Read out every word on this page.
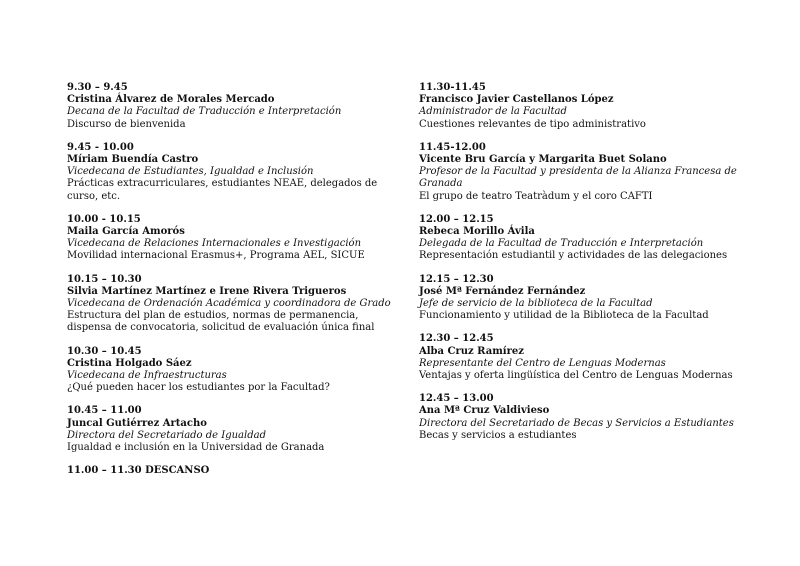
9.30 – 9.45
Cristina Álvarez de Morales Mercado
Decana de la Facultad de Traducción e Interpretación
Discurso de bienvenida
9.45 - 10.00
Míriam Buendía Castro
Vicedecana de Estudiantes, Igualdad e Inclusión
Prácticas extracurriculares, estudiantes NEAE, delegados de curso, etc.
10.00 - 10.15
Maila García Amorós
Vicedecana de Relaciones Internacionales e Investigación
Movilidad internacional Erasmus+, Programa AEL, SICUE
10.15 – 10.30
Silvia Martínez Martínez e Irene Rivera Trigueros
Vicedecana de Ordenación Académica y coordinadora de Grado
Estructura del plan de estudios, normas de permanencia, dispensa de convocatoria, solicitud de evaluación única final
10.30 – 10.45
Cristina Holgado Sáez
Vicedecana de Infraestructuras
¿Qué pueden hacer los estudiantes por la Facultad?
10.45 – 11.00
Juncal Gutiérrez Artacho
Directora del Secretariado de Igualdad
Igualdad e inclusión en la Universidad de Granada
11.00 – 11.30 DESCANSO
11.30-11.45
Francisco Javier Castellanos López
Administrador de la Facultad
Cuestiones relevantes de tipo administrativo
11.45-12.00
Vicente Bru García y Margarita Buet Solano
Profesor de la Facultad y presidenta de la Alianza Francesa de Granada
El grupo de teatro Teatràdum y el coro CAFTI
12.00 – 12.15
Rebeca Morillo Ávila
Delegada de la Facultad de Traducción e Interpretación
Representación estudiantil y actividades de las delegaciones
12.15 – 12.30
José Mª Fernández Fernández
Jefe de servicio de la biblioteca de la Facultad
Funcionamiento y utilidad de la Biblioteca de la Facultad
12.30 – 12.45
Alba Cruz Ramírez
Representante del Centro de Lenguas Modernas
Ventajas y oferta lingüística del Centro de Lenguas Modernas
12.45 – 13.00
Ana Mª Cruz Valdivieso
Directora del Secretariado de Becas y Servicios a Estudiantes
Becas y servicios a estudiantes
